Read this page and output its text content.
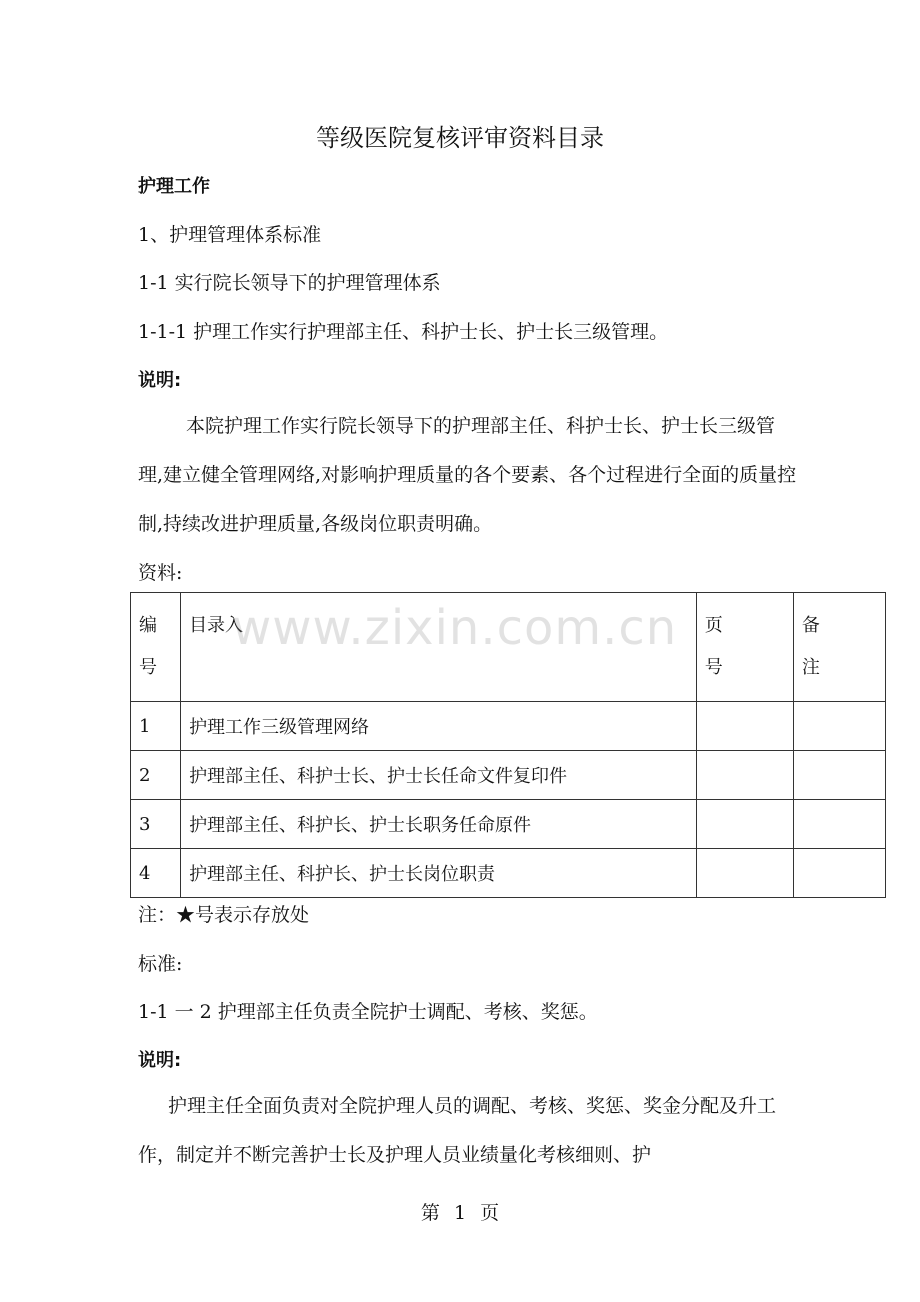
等级医院复核评审资料目录
护理工作
1、护理管理体系标准
1-1 实行院长领导下的护理管理体系
1-1-1 护理工作实行护理部主任、科护士长、护士长三级管理。
说明:
本院护理工作实行院长领导下的护理部主任、科护士长、护士长三级管理,建立健全管理网络,对影响护理质量的各个要素、各个过程进行全面的质量控制,持续改进护理质量,各级岗位职责明确。
资料:
编号	目录入	页 号	备 注
1	护理工作三级管理网络		
2	护理部主任、科护士长、护士长任命文件复印件		
3	护理部主任、科护长、护士长职务任命原件		
4	护理部主任、科护长、护士长岗位职责		
www.zixin.com.cn
注：★号表示存放处
标准:
1-1 一 2 护理部主任负责全院护士调配、考核、奖惩。
说明:
护理主任全面负责对全院护理人员的调配、考核、奖惩、奖金分配及升工作，制定并不断完善护士长及护理人员业绩量化考核细则、护
第 1 页
